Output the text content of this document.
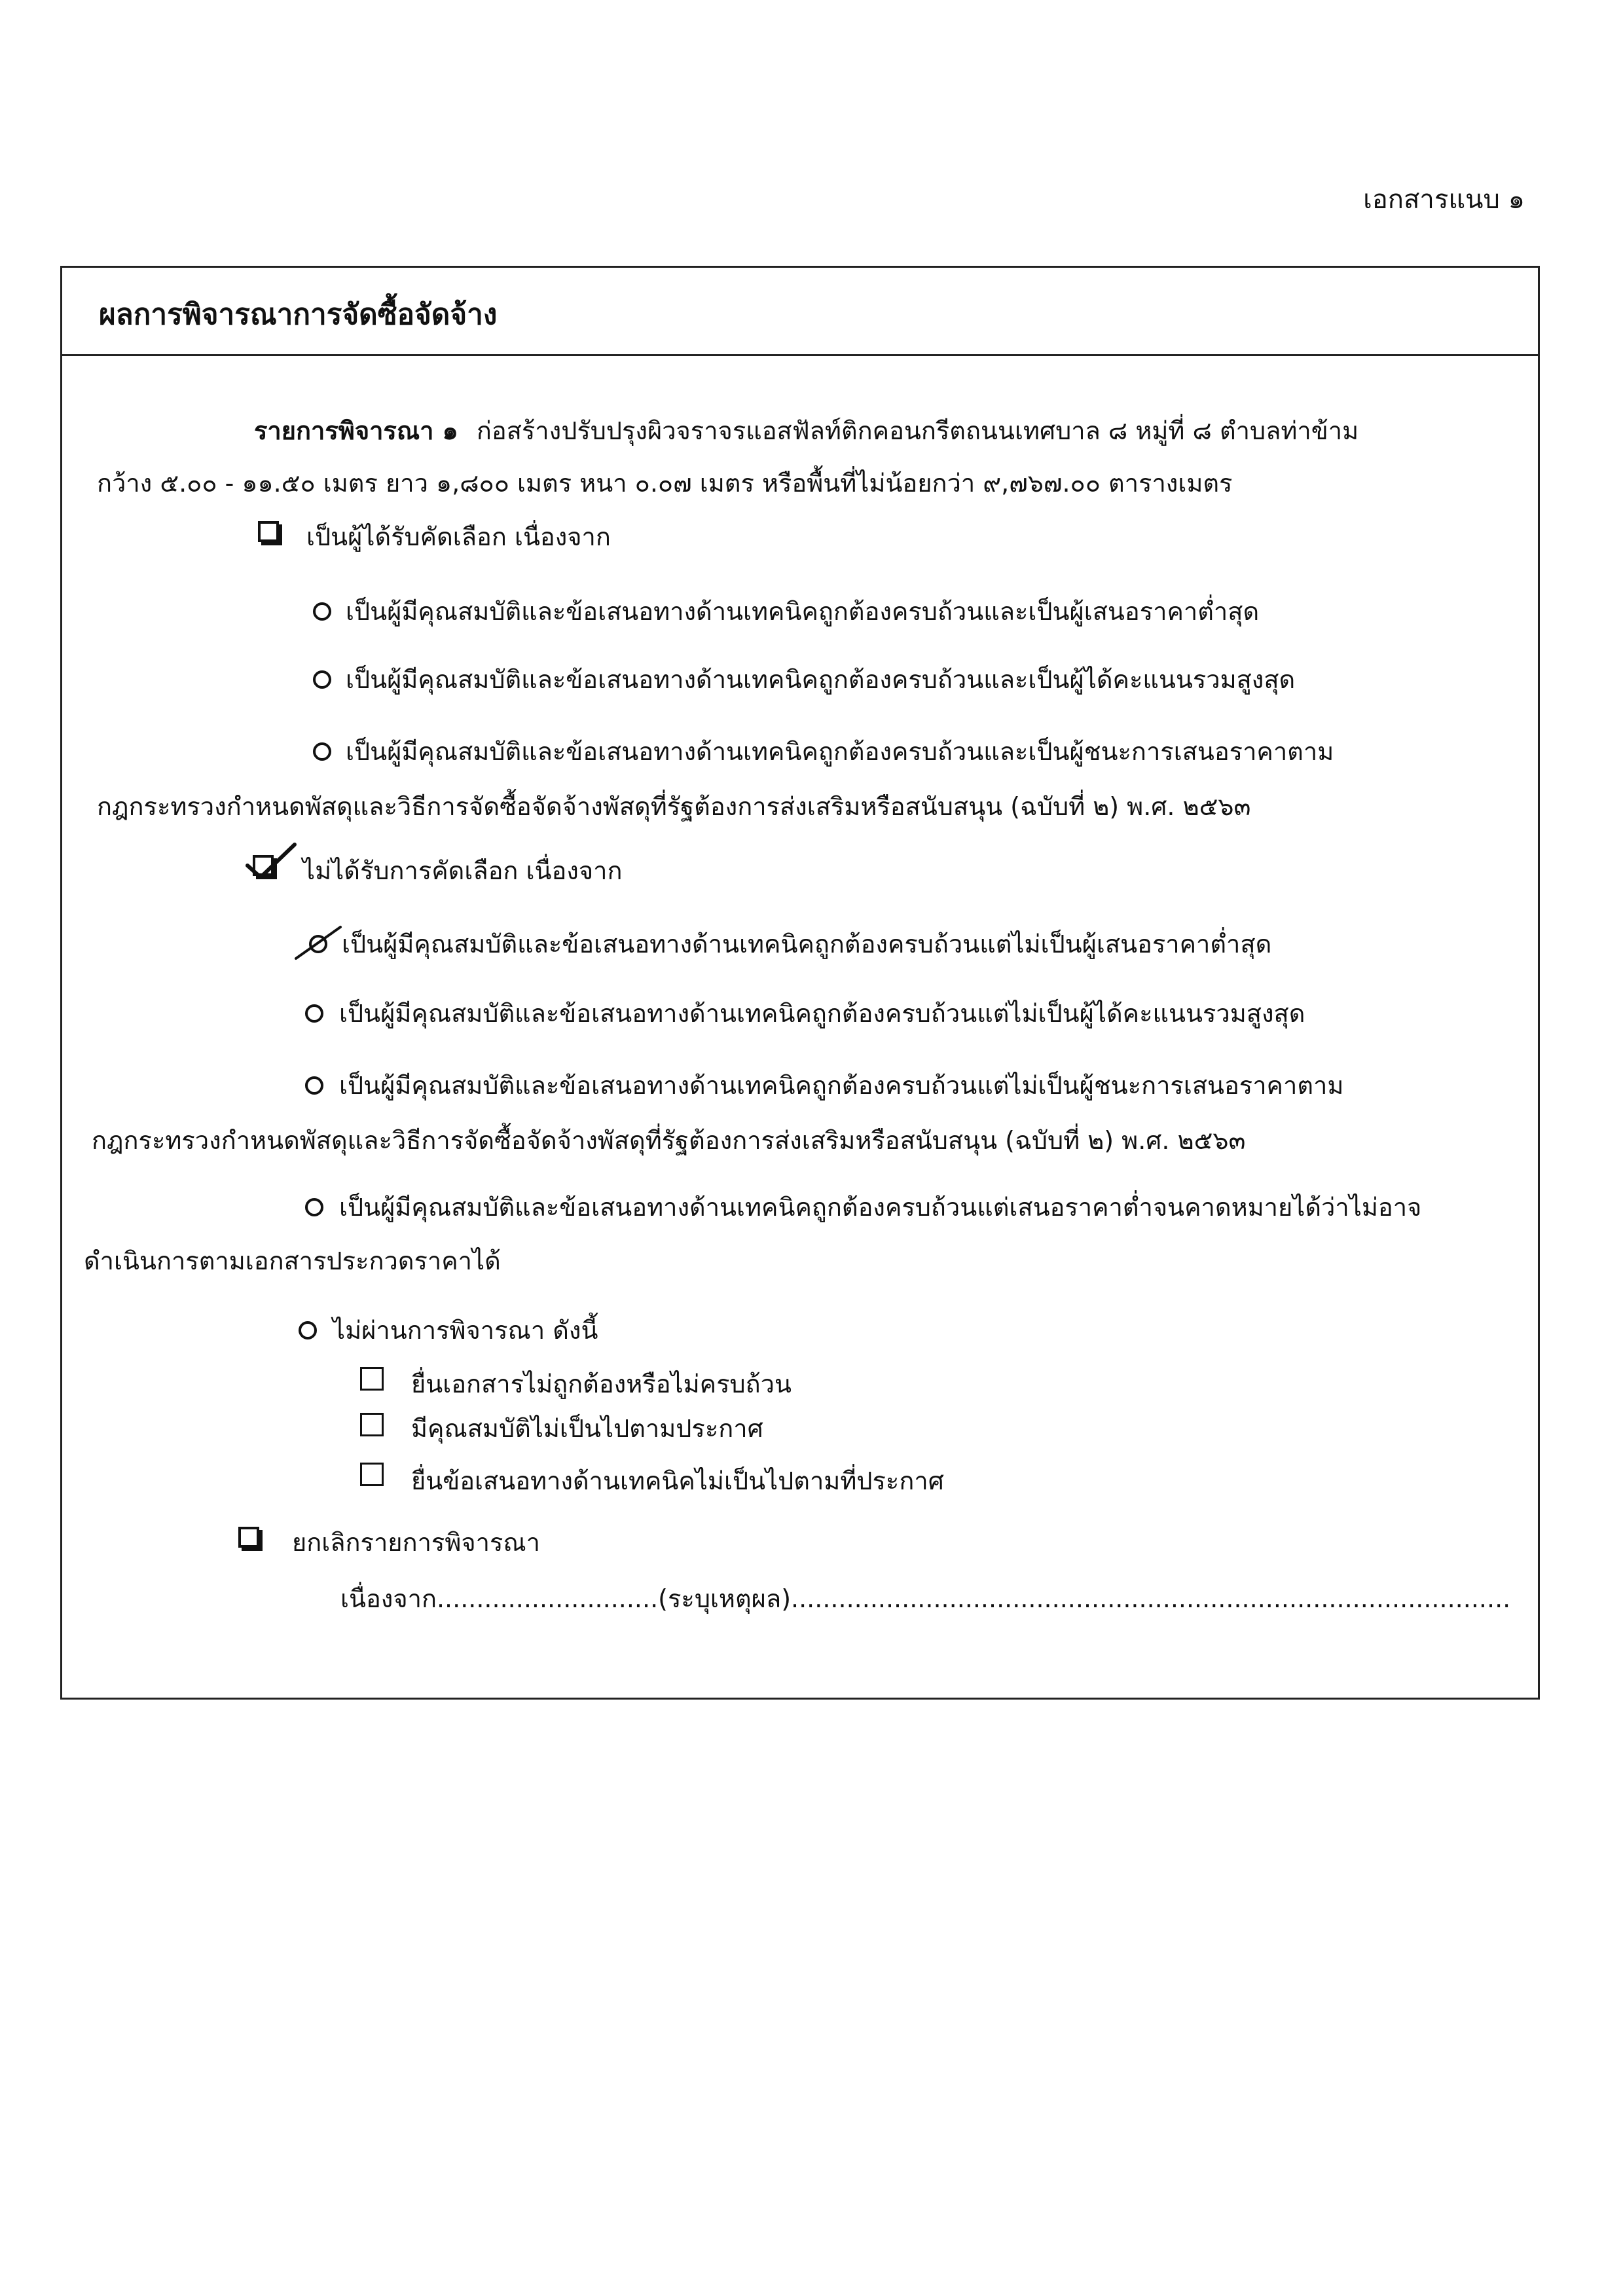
เอกสารแนบ ๑
ผลการพิจารณาการจัดซื้อจัดจ้าง
รายการพิจารณา ๑ ก่อสร้างปรับปรุงผิวจราจรแอสฟัลท์ติกคอนกรีตถนนเทศบาล ๘ หมู่ที่ ๘ ตำบลท่าข้าม
กว้าง ๕.๐๐ - ๑๑.๕๐ เมตร ยาว ๑,๘๐๐ เมตร หนา ๐.๐๗ เมตร หรือพื้นที่ไม่น้อยกว่า ๙,๗๖๗.๐๐ ตารางเมตร
เป็นผู้ได้รับคัดเลือก เนื่องจาก
เป็นผู้มีคุณสมบัติและข้อเสนอทางด้านเทคนิคถูกต้องครบถ้วนและเป็นผู้เสนอราคาต่ำสุด
เป็นผู้มีคุณสมบัติและข้อเสนอทางด้านเทคนิคถูกต้องครบถ้วนและเป็นผู้ได้คะแนนรวมสูงสุด
เป็นผู้มีคุณสมบัติและข้อเสนอทางด้านเทคนิคถูกต้องครบถ้วนและเป็นผู้ชนะการเสนอราคาตาม
กฎกระทรวงกำหนดพัสดุและวิธีการจัดซื้อจัดจ้างพัสดุที่รัฐต้องการส่งเสริมหรือสนับสนุน (ฉบับที่ ๒) พ.ศ. ๒๕๖๓
ไม่ได้รับการคัดเลือก เนื่องจาก
เป็นผู้มีคุณสมบัติและข้อเสนอทางด้านเทคนิคถูกต้องครบถ้วนแต่ไม่เป็นผู้เสนอราคาต่ำสุด
เป็นผู้มีคุณสมบัติและข้อเสนอทางด้านเทคนิคถูกต้องครบถ้วนแต่ไม่เป็นผู้ได้คะแนนรวมสูงสุด
เป็นผู้มีคุณสมบัติและข้อเสนอทางด้านเทคนิคถูกต้องครบถ้วนแต่ไม่เป็นผู้ชนะการเสนอราคาตาม
กฎกระทรวงกำหนดพัสดุและวิธีการจัดซื้อจัดจ้างพัสดุที่รัฐต้องการส่งเสริมหรือสนับสนุน (ฉบับที่ ๒) พ.ศ. ๒๕๖๓
เป็นผู้มีคุณสมบัติและข้อเสนอทางด้านเทคนิคถูกต้องครบถ้วนแต่เสนอราคาต่ำจนคาดหมายได้ว่าไม่อาจ
ดำเนินการตามเอกสารประกวดราคาได้
ไม่ผ่านการพิจารณา ดังนี้
ยื่นเอกสารไม่ถูกต้องหรือไม่ครบถ้วน
มีคุณสมบัติไม่เป็นไปตามประกาศ
ยื่นข้อเสนอทางด้านเทคนิคไม่เป็นไปตามที่ประกาศ
ยกเลิกรายการพิจารณา
เนื่องจาก............................(ระบุเหตุผล)...........................................................................................
